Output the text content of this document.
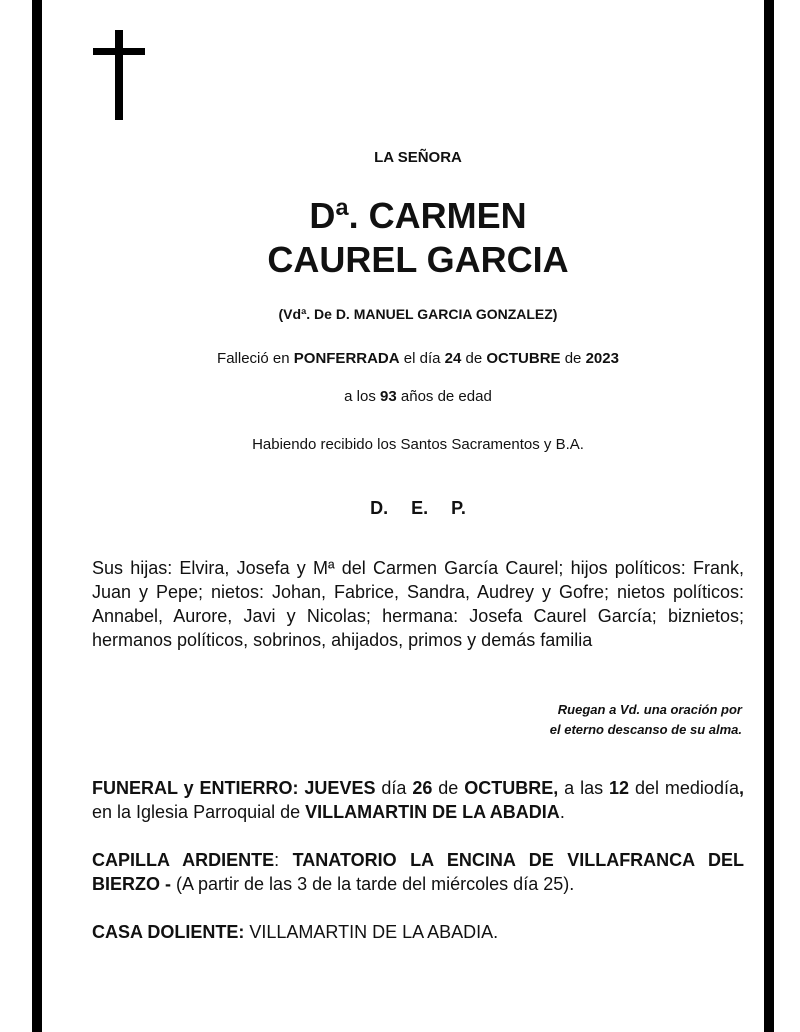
LA SEÑORA
Dª. CARMEN
CAUREL GARCIA
(Vdª. De D. MANUEL GARCIA GONZALEZ)
Falleció en PONFERRADA el día 24 de OCTUBRE de 2023
a los 93 años de edad
Habiendo recibido los Santos Sacramentos y B.A.
D. E. P.
Sus hijas: Elvira, Josefa y Mª del Carmen García Caurel; hijos políticos: Frank, Juan y Pepe; nietos: Johan, Fabrice, Sandra, Audrey y Gofre; nietos políticos: Annabel, Aurore, Javi y Nicolas; hermana: Josefa Caurel García; biznietos; hermanos políticos, sobrinos, ahijados, primos y demás familia
Ruegan a Vd. una oración por
el eterno descanso de su alma.
FUNERAL y ENTIERRO: JUEVES día 26 de OCTUBRE, a las 12 del mediodía, en la Iglesia Parroquial de VILLAMARTIN DE LA ABADIA.
CAPILLA ARDIENTE: TANATORIO LA ENCINA DE VILLAFRANCA DEL BIERZO - (A partir de las 3 de la tarde del miércoles día 25).
CASA DOLIENTE: VILLAMARTIN DE LA ABADIA.
